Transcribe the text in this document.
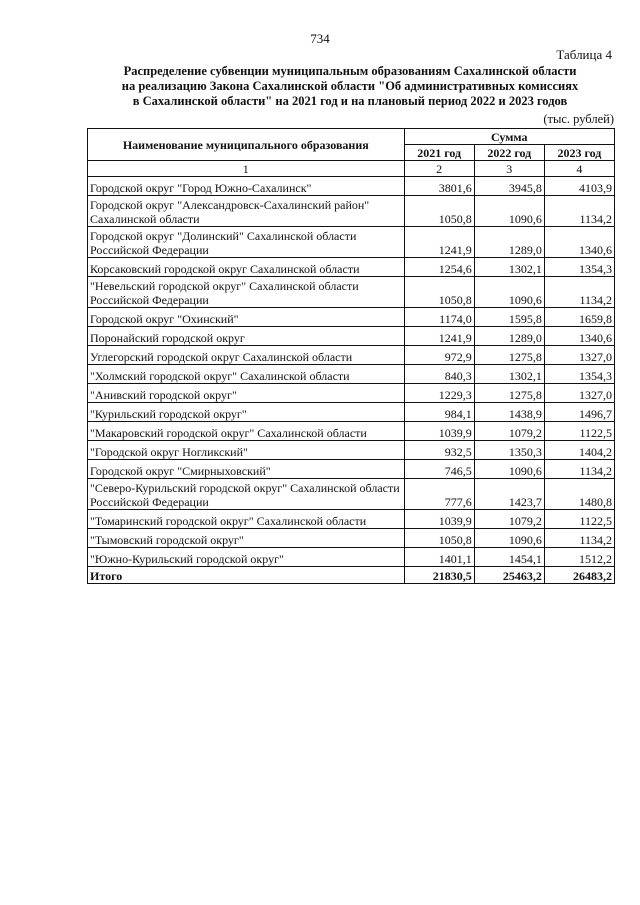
734
Таблица 4
Распределение субвенции муниципальным образованиям Сахалинской области
на реализацию Закона Сахалинской области "Об административных комиссиях
в Сахалинской области" на 2021 год и на плановый период 2022 и 2023 годов
(тыс. рублей)
Наименование муниципального образования	Сумма		
	2021 год	2022 год	2023 год
1	2	3	4
Городской округ "Город Южно-Сахалинск"	3801,6	3945,8	4103,9
Городской округ "Александровск-Сахалинский район" Сахалинской области	1050,8	1090,6	1134,2
Городской округ "Долинский" Сахалинской области Российской Федерации	1241,9	1289,0	1340,6
Корсаковский городской округ Сахалинской области	1254,6	1302,1	1354,3
"Невельский городской округ" Сахалинской области Российской Федерации	1050,8	1090,6	1134,2
Городской округ "Охинский"	1174,0	1595,8	1659,8
Поронайский городской округ	1241,9	1289,0	1340,6
Углегорский городской округ Сахалинской области	972,9	1275,8	1327,0
"Холмский городской округ" Сахалинской области	840,3	1302,1	1354,3
"Анивский городской округ"	1229,3	1275,8	1327,0
"Курильский городской округ"	984,1	1438,9	1496,7
"Макаровский городской округ" Сахалинской области	1039,9	1079,2	1122,5
"Городской округ Ногликский"	932,5	1350,3	1404,2
Городской округ "Смирныховский"	746,5	1090,6	1134,2
"Северо-Курильский городской округ" Сахалинской области Российской Федерации	777,6	1423,7	1480,8
"Томаринский городской округ" Сахалинской области	1039,9	1079,2	1122,5
"Тымовский городской округ"	1050,8	1090,6	1134,2
"Южно-Курильский городской округ"	1401,1	1454,1	1512,2
Итого	21830,5	25463,2	26483,2
